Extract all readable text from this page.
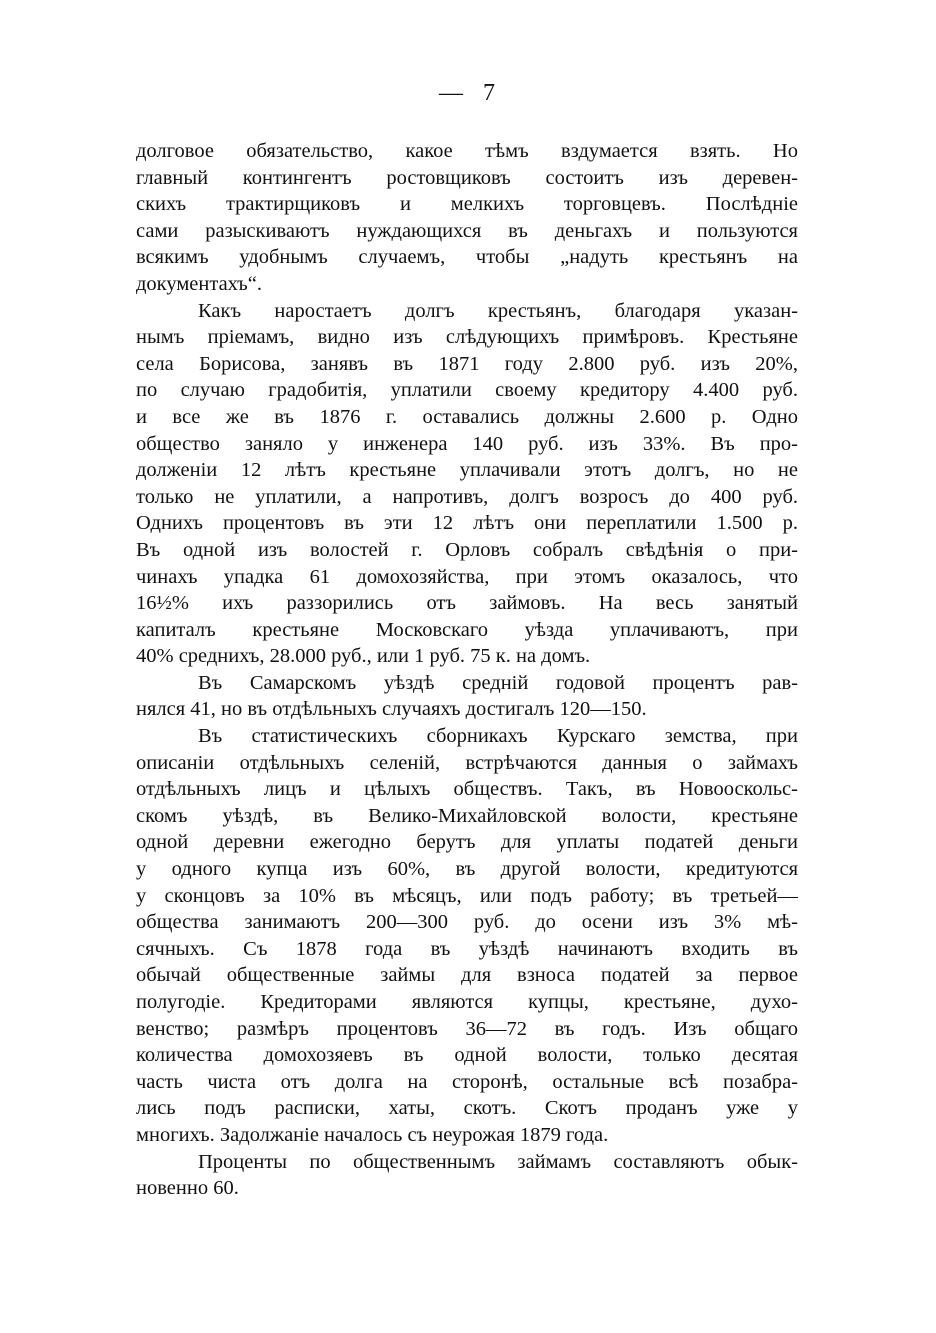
— 7
долговое обязательство, какое тѣмъ вздумается взять. Но
главный контингентъ ростовщиковъ состоитъ изъ деревен-
скихъ трактирщиковъ и мелкихъ торговцевъ. Послѣдніе
сами разыскиваютъ нуждающихся въ деньгахъ и пользуются
всякимъ удобнымъ случаемъ, чтобы „надуть крестьянъ на
документахъ“.
Какъ наростаетъ долгъ крестьянъ, благодаря указан-
нымъ пріемамъ, видно изъ слѣдующихъ примѣровъ. Крестьяне
села Борисова, занявъ въ 1871 году 2.800 руб. изъ 20%,
по случаю градобитія, уплатили своему кредитору 4.400 руб.
и все же въ 1876 г. оставались должны 2.600 р. Одно
общество заняло у инженера 140 руб. изъ 33%. Въ про-
долженіи 12 лѣтъ крестьяне уплачивали этотъ долгъ, но не
только не уплатили, а напротивъ, долгъ возросъ до 400 руб.
Однихъ процентовъ въ эти 12 лѣтъ они переплатили 1.500 р.
Въ одной изъ волостей г. Орловъ собралъ свѣдѣнія о при-
чинахъ упадка 61 домохозяйства, при этомъ оказалось, что
16½% ихъ раззорились отъ займовъ. На весь занятый
капиталъ крестьяне Московскаго уѣзда уплачиваютъ, при
40% среднихъ, 28.000 руб., или 1 руб. 75 к. на домъ.
Въ Самарскомъ уѣздѣ средній годовой процентъ рав-
нялся 41, но въ отдѣльныхъ случаяхъ достигалъ 120—150.
Въ статистическихъ сборникахъ Курскаго земства, при
описаніи отдѣльныхъ селеній, встрѣчаются данныя о займахъ
отдѣльныхъ лицъ и цѣлыхъ обществъ. Такъ, въ Новооскольс-
скомъ уѣздѣ, въ Велико-Михайловской волости, крестьяне
одной деревни ежегодно берутъ для уплаты податей деньги
у одного купца изъ 60%, въ другой волости, кредитуются
у сконцовъ за 10% въ мѣсяцъ, или подъ работу; въ третьей—
общества занимаютъ 200—300 руб. до осени изъ 3% мѣ-
сячныхъ. Съ 1878 года въ уѣздѣ начинаютъ входить въ
обычай общественные займы для взноса податей за первое
полугодіе. Кредиторами являются купцы, крестьяне, духо-
венство; размѣръ процентовъ 36—72 въ годъ. Изъ общаго
количества домохозяевъ въ одной волости, только десятая
часть чиста отъ долга на сторонѣ, остальные всѣ позабра-
лись подъ расписки, хаты, скотъ. Скотъ проданъ уже у
многихъ. Задолжаніе началось съ неурожая 1879 года.
Проценты по общественнымъ займамъ составляютъ обык-
новенно 60.
